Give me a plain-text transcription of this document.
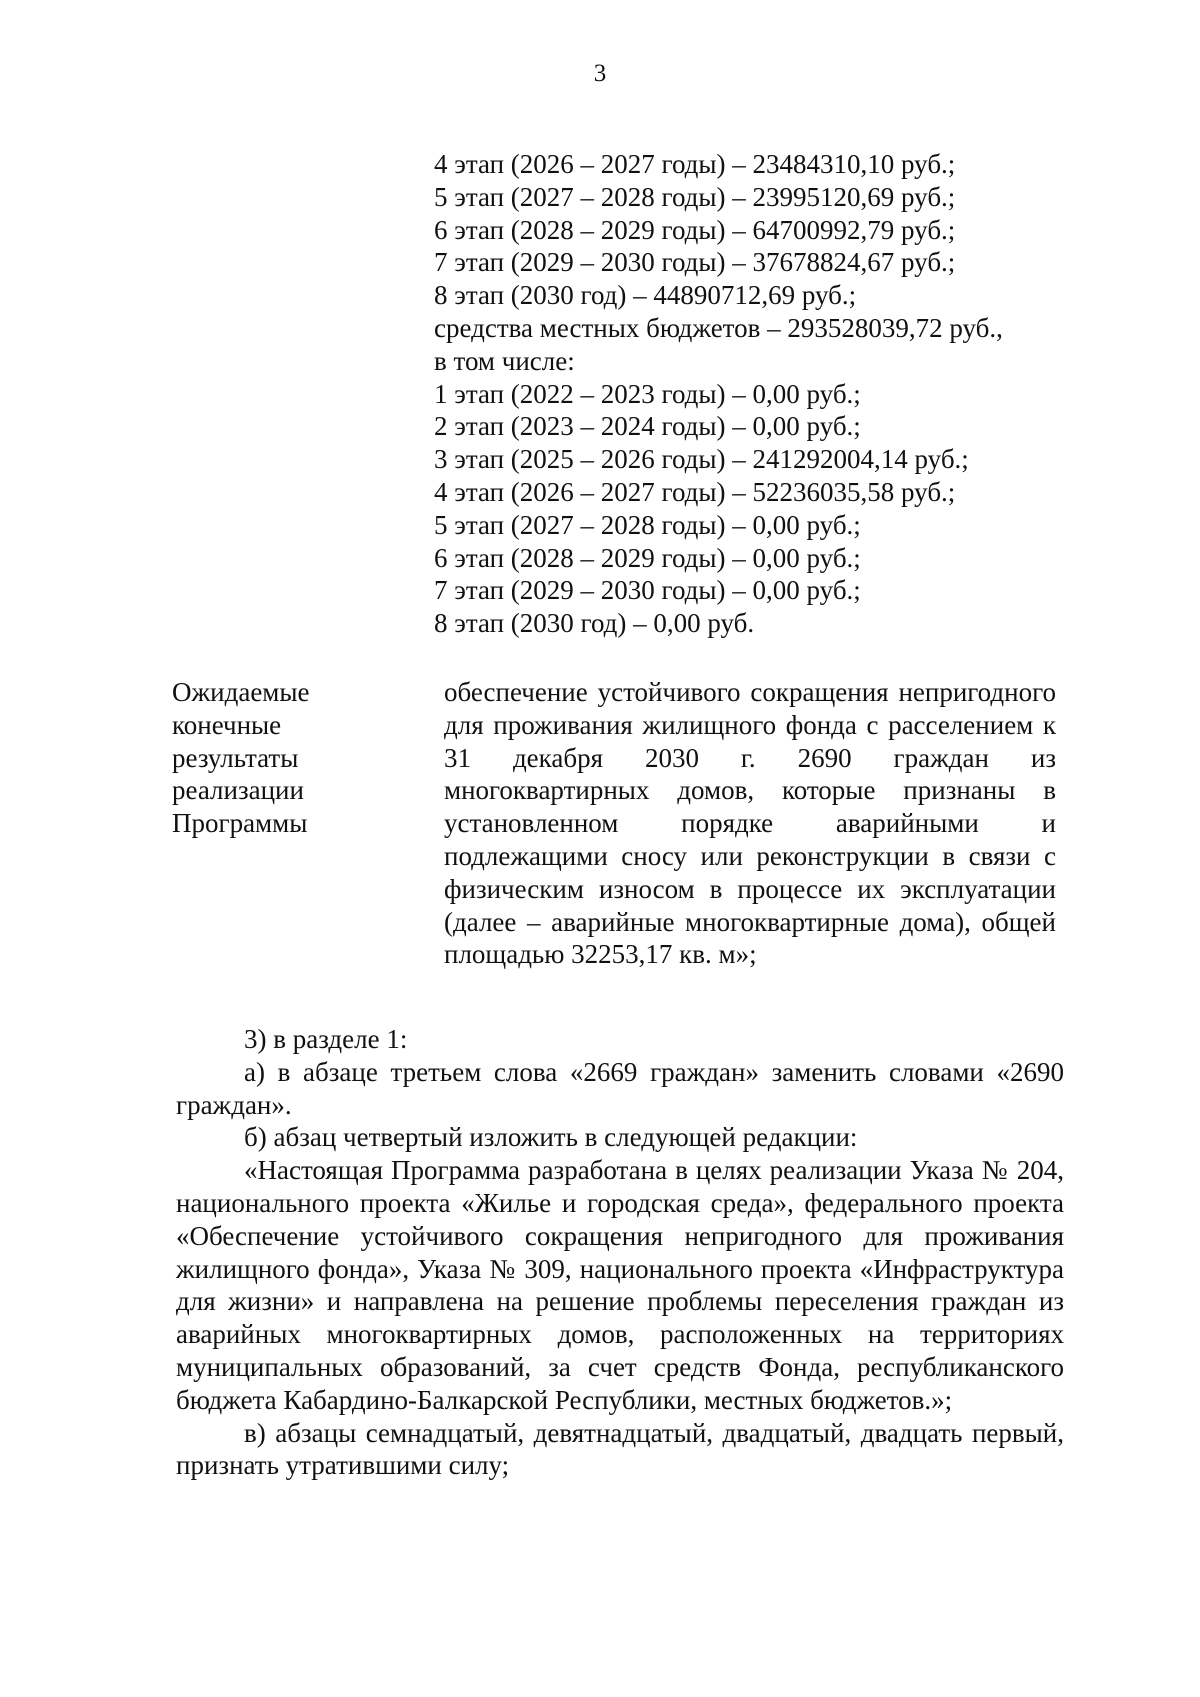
3
4 этап (2026 – 2027 годы) – 23484310,10 руб.;
5 этап (2027 – 2028 годы) – 23995120,69 руб.;
6 этап (2028 – 2029 годы) – 64700992,79 руб.;
7 этап (2029 – 2030 годы) – 37678824,67 руб.;
8 этап (2030 год) – 44890712,69 руб.;
средства местных бюджетов – 293528039,72 руб.,
в том числе:
1 этап (2022 – 2023 годы) – 0,00 руб.;
2 этап (2023 – 2024 годы) – 0,00 руб.;
3 этап (2025 – 2026 годы) – 241292004,14 руб.;
4 этап (2026 – 2027 годы) – 52236035,58 руб.;
5 этап (2027 – 2028 годы) – 0,00 руб.;
6 этап (2028 – 2029 годы) – 0,00 руб.;
7 этап (2029 – 2030 годы) – 0,00 руб.;
8 этап (2030 год) – 0,00 руб.
Ожидаемые
конечные
результаты
реализации
Программы
обеспечение устойчивого сокращения непригодного для проживания жилищного фонда с расселением к 31 декабря 2030 г. 2690 граждан из многоквартирных домов, которые признаны в установленном порядке аварийными и подлежащими сносу или реконструкции в связи с физическим износом в процессе их эксплуатации (далее – аварийные многоквартирные дома), общей площадью 32253,17 кв. м»;

3) в разделе 1:

а) в абзаце третьем слова «2669 граждан» заменить словами «2690 граждан».

б) абзац четвертый изложить в следующей редакции:

«Настоящая Программа разработана в целях реализации Указа № 204, национального проекта «Жилье и городская среда», федерального проекта «Обеспечение устойчивого сокращения непригодного для проживания жилищного фонда», Указа № 309, национального проекта «Инфраструктура для жизни» и направлена на решение проблемы переселения граждан из аварийных многоквартирных домов, расположенных на территориях муниципальных образований, за счет средств Фонда, республиканского бюджета Кабардино-Балкарской Республики, местных бюджетов.»;

в) абзацы семнадцатый, девятнадцатый, двадцатый, двадцать первый, признать утратившими силу;
